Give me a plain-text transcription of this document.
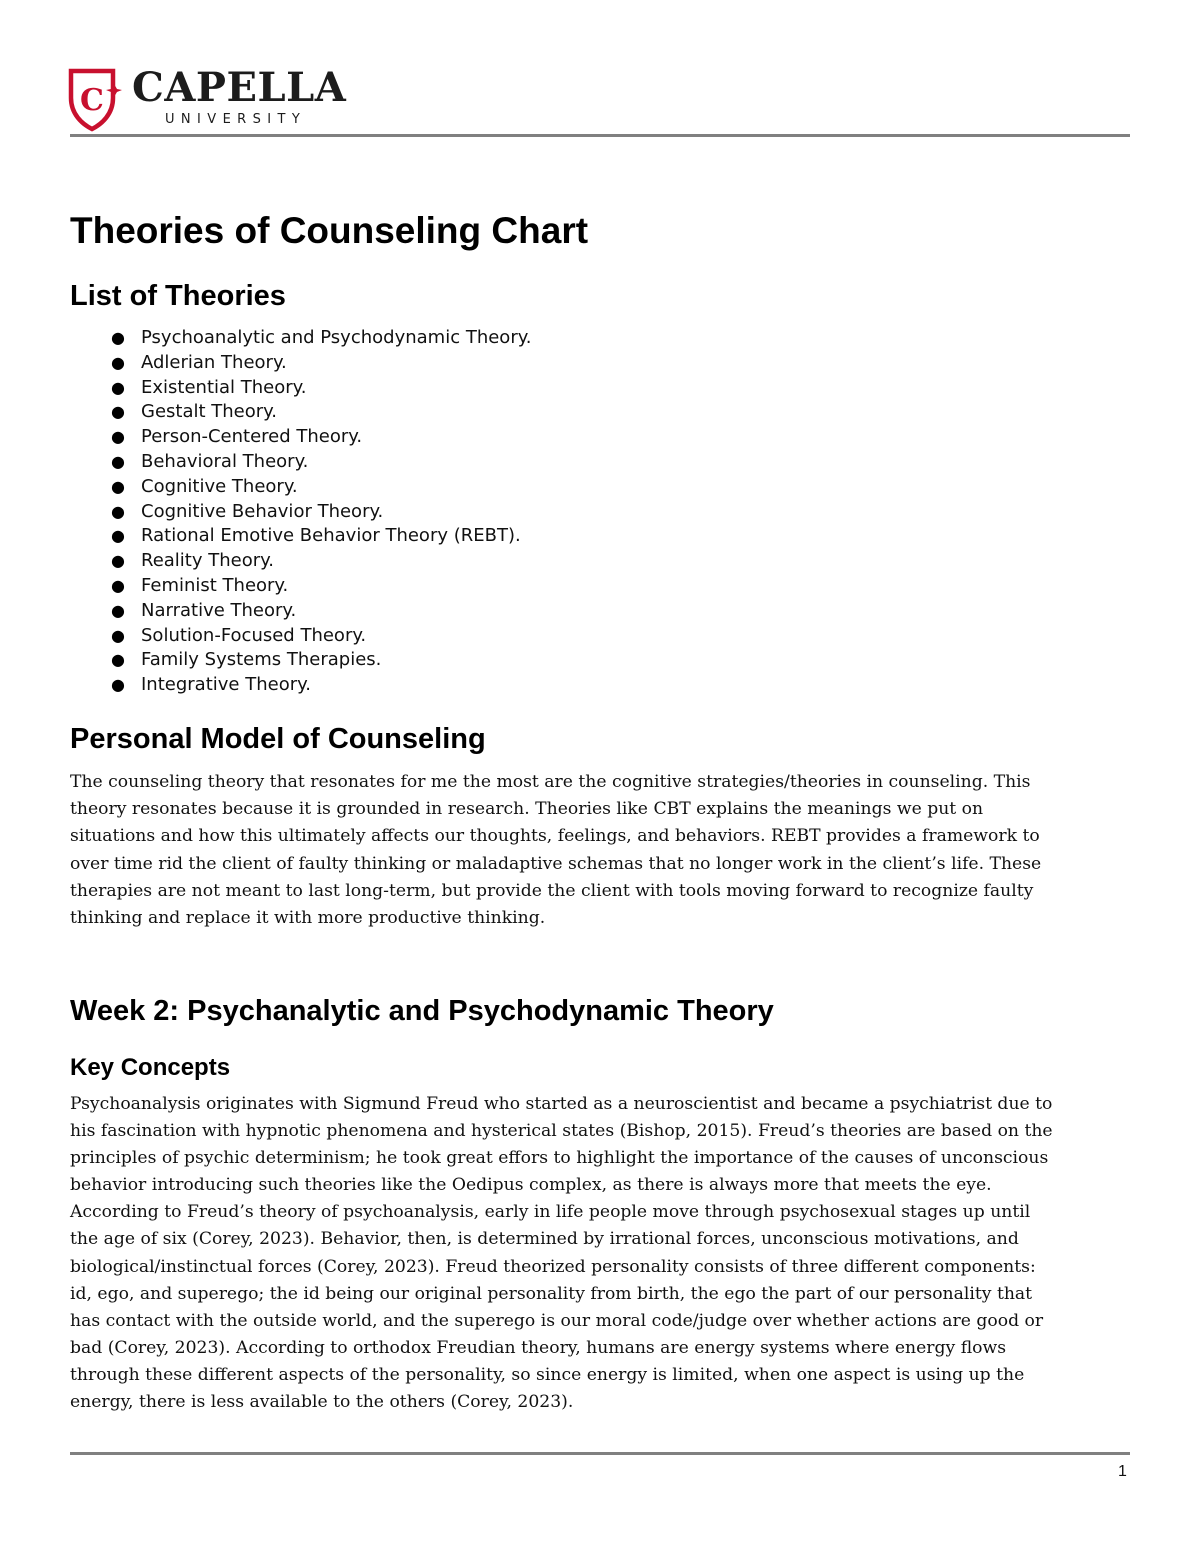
C CAPELLA
UNIVERSITY
Theories of Counseling Chart
List of Theories
● Psychoanalytic and Psychodynamic Theory.
● Adlerian Theory.
● Existential Theory.
● Gestalt Theory.
● Person-Centered Theory.
● Behavioral Theory.
● Cognitive Theory.
● Cognitive Behavior Theory.
● Rational Emotive Behavior Theory (REBT).
● Reality Theory.
● Feminist Theory.
● Narrative Theory.
● Solution-Focused Theory.
● Family Systems Therapies.
● Integrative Theory.
Personal Model of Counseling

The counseling theory that resonates for me the most are the cognitive strategies/theories in counseling. This
theory resonates because it is grounded in research. Theories like CBT explains the meanings we put on
situations and how this ultimately affects our thoughts, feelings, and behaviors. REBT provides a framework to
over time rid the client of faulty thinking or maladaptive schemas that no longer work in the client’s life. These
therapies are not meant to last long-term, but provide the client with tools moving forward to recognize faulty
thinking and replace it with more productive thinking.

Week 2: Psychanalytic and Psychodynamic Theory
Key Concepts

Psychoanalysis originates with Sigmund Freud who started as a neuroscientist and became a psychiatrist due to
his fascination with hypnotic phenomena and hysterical states (Bishop, 2015). Freud’s theories are based on the
principles of psychic determinism; he took great effors to highlight the importance of the causes of unconscious
behavior introducing such theories like the Oedipus complex, as there is always more that meets the eye.
According to Freud’s theory of psychoanalysis, early in life people move through psychosexual stages up until
the age of six (Corey, 2023). Behavior, then, is determined by irrational forces, unconscious motivations, and
biological/instinctual forces (Corey, 2023). Freud theorized personality consists of three different components:
id, ego, and superego; the id being our original personality from birth, the ego the part of our personality that
has contact with the outside world, and the superego is our moral code/judge over whether actions are good or
bad (Corey, 2023). According to orthodox Freudian theory, humans are energy systems where energy flows
through these different aspects of the personality, so since energy is limited, when one aspect is using up the
energy, there is less available to the others (Corey, 2023).

1
